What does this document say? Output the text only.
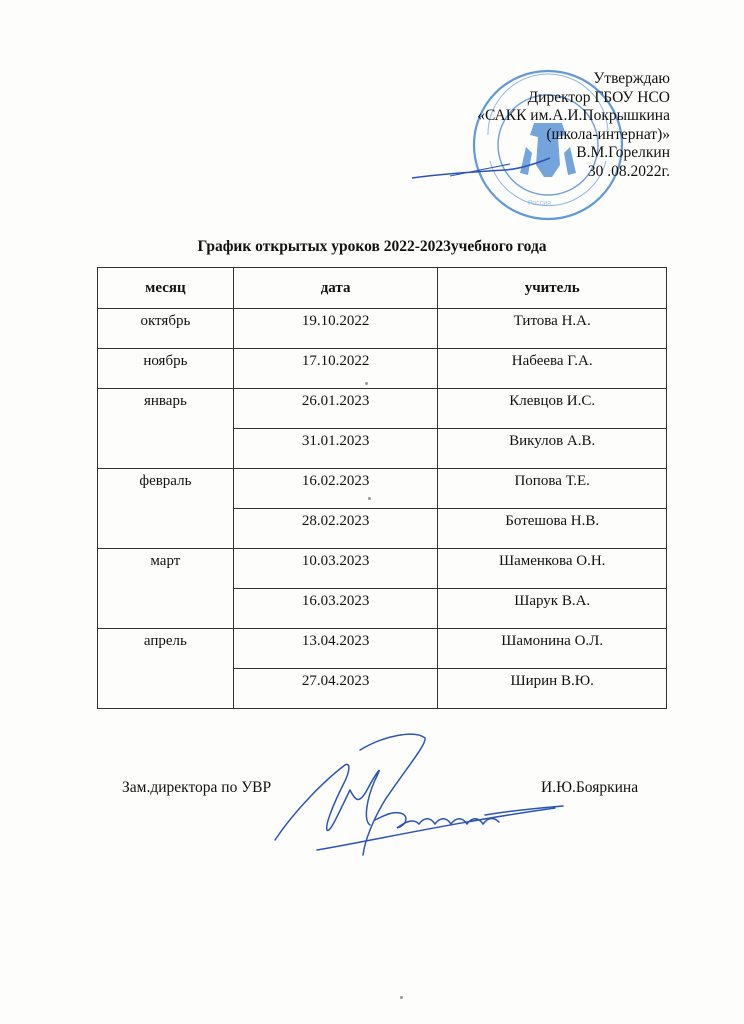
Россия
Утверждаю
Директор ГБОУ НСО
«САКК им.А.И.Покрышкина
(школа-интернат)»
В.М.Горелкин
30 .08.2022г.
График открытых уроков 2022-2023учебного года
месяц	дата	учитель
октябрь	19.10.2022	Титова Н.А.
ноябрь	17.10.2022	Набеева Г.А.
январь	26.01.2023	Клевцов И.С.
	31.01.2023	Викулов А.В.
февраль	16.02.2023	Попова Т.Е.
	28.02.2023	Ботешова Н.В.
март	10.03.2023	Шаменкова О.Н.
	16.03.2023	Шарук В.А.
апрель	13.04.2023	Шамонина О.Л.
	27.04.2023	Ширин В.Ю.
Зам.директора по УВР	И.Ю.Бояркина
